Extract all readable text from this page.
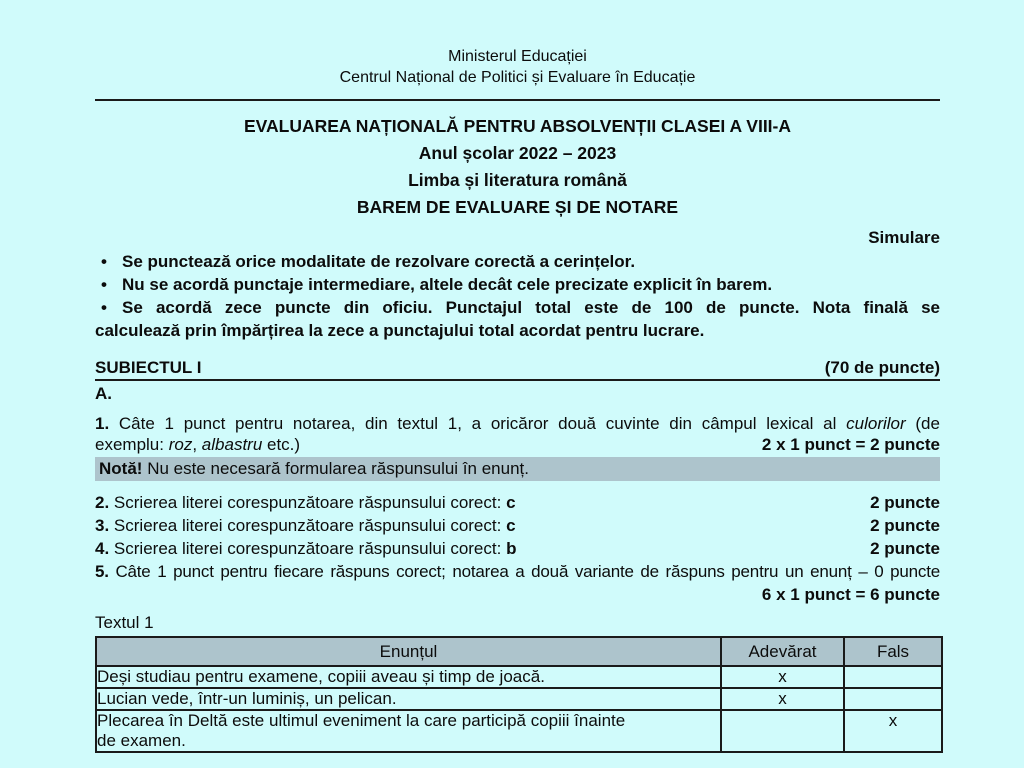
Ministerul Educației
Centrul Național de Politici și Evaluare în Educație
EVALUAREA NAȚIONALĂ PENTRU ABSOLVENȚII CLASEI A VIII-A
Anul școlar 2022 – 2023
Limba și literatura română
BAREM DE EVALUARE ȘI DE NOTARE
Simulare
• Se punctează orice modalitate de rezolvare corectă a cerințelor.
• Nu se acordă punctaje intermediare, altele decât cele precizate explicit în barem.
• Se acordă zece puncte din oficiu. Punctajul total este de 100 de puncte. Nota finală se
calculează prin împărțirea la zece a punctajului total acordat pentru lucrare.
SUBIECTUL I	(70 de puncte)
A.
1. Câte 1 punct pentru notarea, din textul 1, a oricăror două cuvinte din câmpul lexical al culorilor (de
exemplu: roz, albastru etc.)	2 x 1 punct = 2 puncte
Notă! Nu este necesară formularea răspunsului în enunț.
2. Scrierea literei corespunzătoare răspunsului corect: c	2 puncte
3. Scrierea literei corespunzătoare răspunsului corect: c	2 puncte
4. Scrierea literei corespunzătoare răspunsului corect: b	2 puncte
5. Câte 1 punct pentru fiecare răspuns corect; notarea a două variante de răspuns pentru un enunț – 0 puncte
6 x 1 punct = 6 puncte
Textul 1
Enunțul	Adevărat	Fals

Deși studiau pentru examene, copiii aveau și timp de joacă.	x	

Lucian vede, într-un luminiș, un pelican.	x	

Plecarea în Deltă este ultimul eveniment la care participă copiii înainte
de examen.		x
